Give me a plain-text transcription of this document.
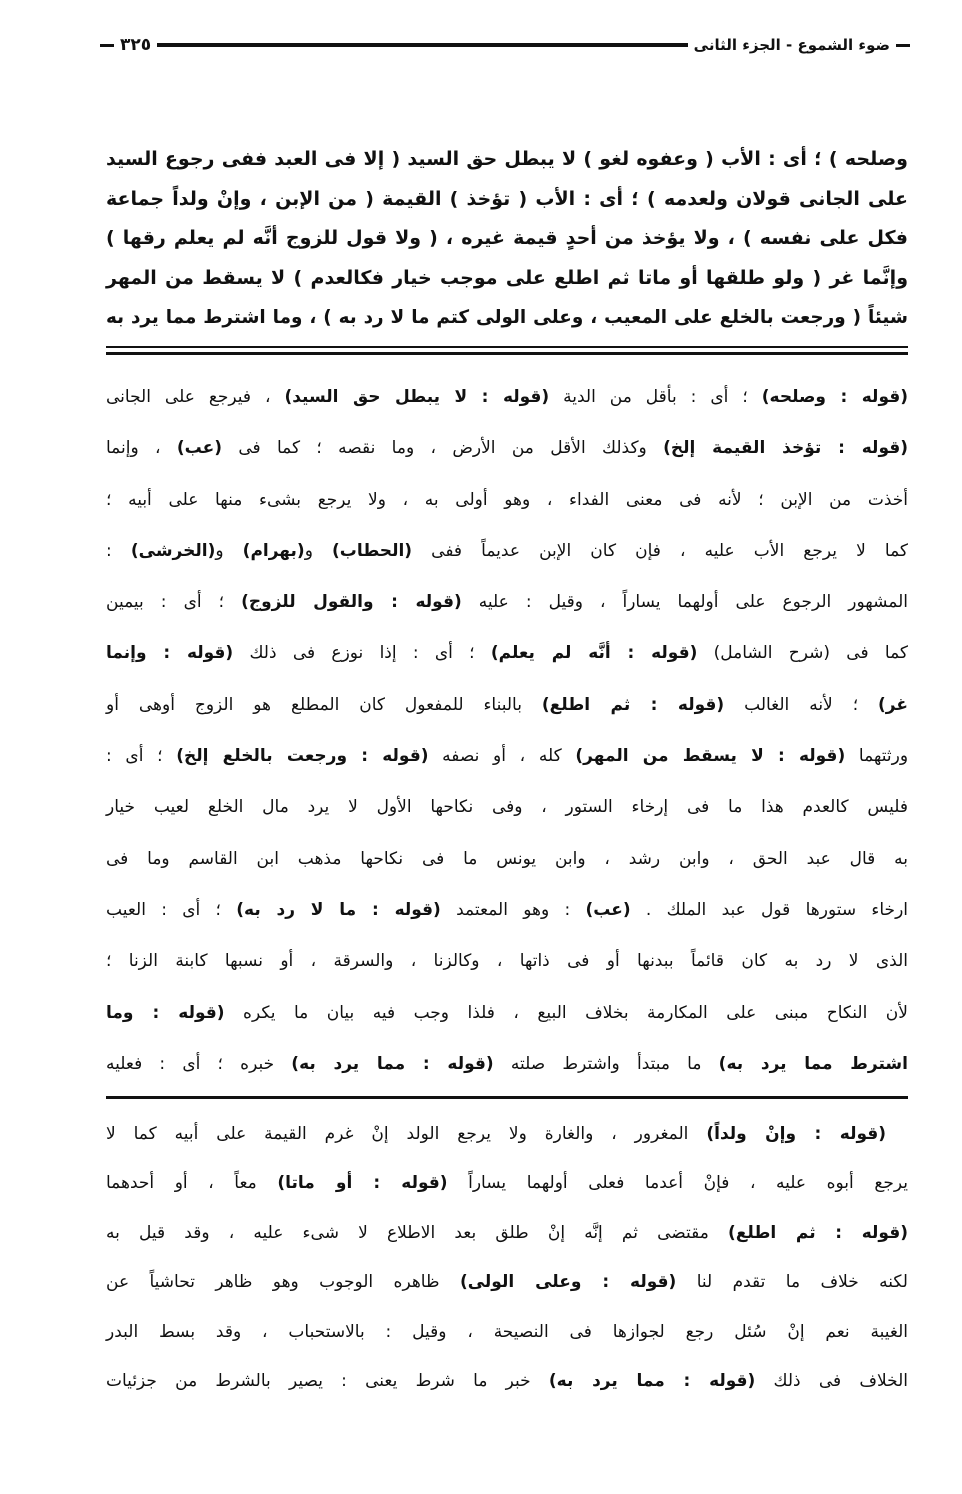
ضوء الشموع - الجزء الثانى
٣٢٥
وصلحه ) ؛ أى : الأب ( وعفوه لغو ) لا يبطل حق السيد ( إلا فى العبد ففى رجوع السيد
على الجانى قولان ولعدمه ) ؛ أى : الأب ( تؤخذ ) القيمة ( من الإبن ، وإنْ ولداً جماعة
فكل على نفسه ) ، ولا يؤخذ من أحدٍ قيمة غيره ، ( ولا قول للزوج أنَّه لم يعلم رقها )
وإنَّما غر ( ولو طلقها أو ماتا ثم اطلع على موجب خيار فكالعدم ) لا يسقط من المهر
شيئاً ( ورجعت بالخلع على المعيب ، وعلى الولى كتم ما لا رد به ) ، وما اشترط مما يرد به
(قوله : وصلحه) ؛ أى : بأقل من الدية (قوله : لا يبطل حق السيد) ، فيرجع على الجانى
(قوله : تؤخذ القيمة إلخ) وكذلك الأقل من الأرض ، وما نقصه ؛ كما فى (عب) ، وإنما
أخذت من الإبن ؛ لأنه فى معنى الفداء ، وهو أولى به ، ولا يرجع بشىء منها على أبيه ؛
كما لا يرجع الأب عليه ، فإن كان الإبن عديماً ففى (الحطاب) و(بهرام) و(الخرشى) :
المشهور الرجوع على أولهما يساراً ، وقيل : عليه (قوله : والقول للزوج) ؛ أى : بيمين
كما فى (شرح الشامل) (قوله : أنَّه لم يعلم) ؛ أى : إذا نوزع فى ذلك (قوله : وإنما
غر) ؛ لأنه الغالب (قوله : ثم اطلع) بالبناء للمفعول كان المطلع هو الزوج أوهى أو
ورثتهما (قوله : لا يسقط من المهر) كله ، أو نصفه (قوله : ورجعت بالخلع إلخ) ؛ أى :
فليس كالعدم هذا ما فى إرخاء الستور ، وفى نكاحها الأول لا يرد مال الخلع لعيب خيار
به قال عبد الحق ، وابن رشد ، وابن يونس ما فى نكاحها مذهب ابن القاسم وما فى
ارخاء ستورها قول عبد الملك . (عب) : وهو المعتمد (قوله : ما لا رد به) ؛ أى : العيب
الذى لا رد به كان قائماً ببدنها أو فى ذاتها ، وكالزنا ، والسرقة ، أو نسبها كابنة الزنا ؛
لأن النكاح مبنى على المكارمة بخلاف البيع ، فلذا وجب فيه بيان ما يكره (قوله : وما
اشترط مما يرد به) ما مبتدأ واشترط صلته (قوله : مما يرد به) خبره ؛ أى : فعليه
(قوله : وإنْ ولداً) المغرور ، والغارة ولا يرجع الولد إنْ غرم القيمة على أبيه كما لا
يرجع أبوه عليه ، فإنْ أعدما فعلى أولهما يساراً (قوله : أو ماتا) معاً ، أو أحدهما
(قوله : ثم اطلع) مقتضى ثم إنَّه إنْ طلق بعد الاطلاع لا شىء عليه ، وقد قيل به
لكنه خلاف ما تقدم لنا (قوله : وعلى الولى) ظاهره الوجوب وهو ظاهر تحاشياً عن
الغيبة نعم إنْ سُئل رجع لجوازها فى النصيحة ، وقيل : بالاستحباب ، وقد بسط البدر
الخلاف فى ذلك (قوله : مما يرد به) خبر ما شرط يعنى : يصير بالشرط من جزئيات
